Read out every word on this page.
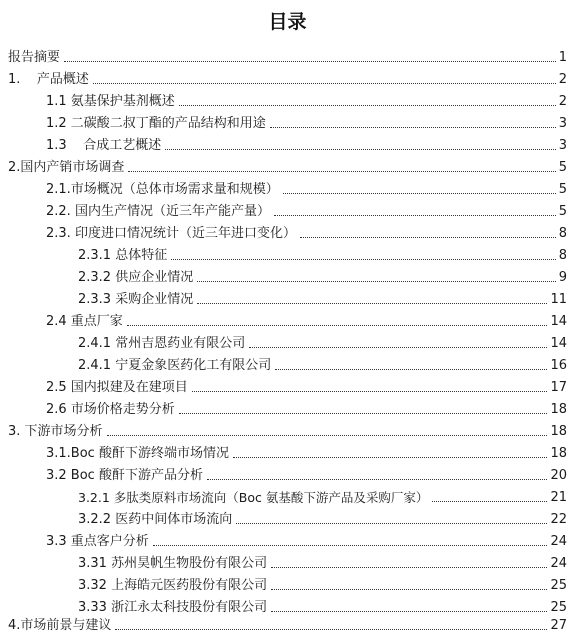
目录
报告摘要	1
1.    产品概述	2
1.1 氨基保护基剂概述	2
1.2 二碳酸二叔丁酯的产品结构和用途	3
1.3    合成工艺概述	3
2.国内产销市场调查	5
2.1.市场概况（总体市场需求量和规模）	5
2.2. 国内生产情况（近三年产能产量）	5
2.3. 印度进口情况统计（近三年进口变化）	8
2.3.1 总体特征	8
2.3.2 供应企业情况	9
2.3.3 采购企业情况	11
2.4 重点厂家	14
2.4.1 常州吉恩药业有限公司	14
2.4.1 宁夏金象医药化工有限公司	16
2.5 国内拟建及在建项目	17
2.6 市场价格走势分析	18
3. 下游市场分析	18
3.1.Boc 酸酐下游终端市场情况	18
3.2 Boc 酸酐下游产品分析	20
3.2.1 多肽类原料市场流向（Boc 氨基酸下游产品及采购厂家）	21
3.2.2 医药中间体市场流向	22
3.3 重点客户分析	24
3.31 苏州昊帆生物股份有限公司	24
3.32 上海皓元医药股份有限公司	25
3.33 浙江永太科技股份有限公司	25
4.市场前景与建议	27
